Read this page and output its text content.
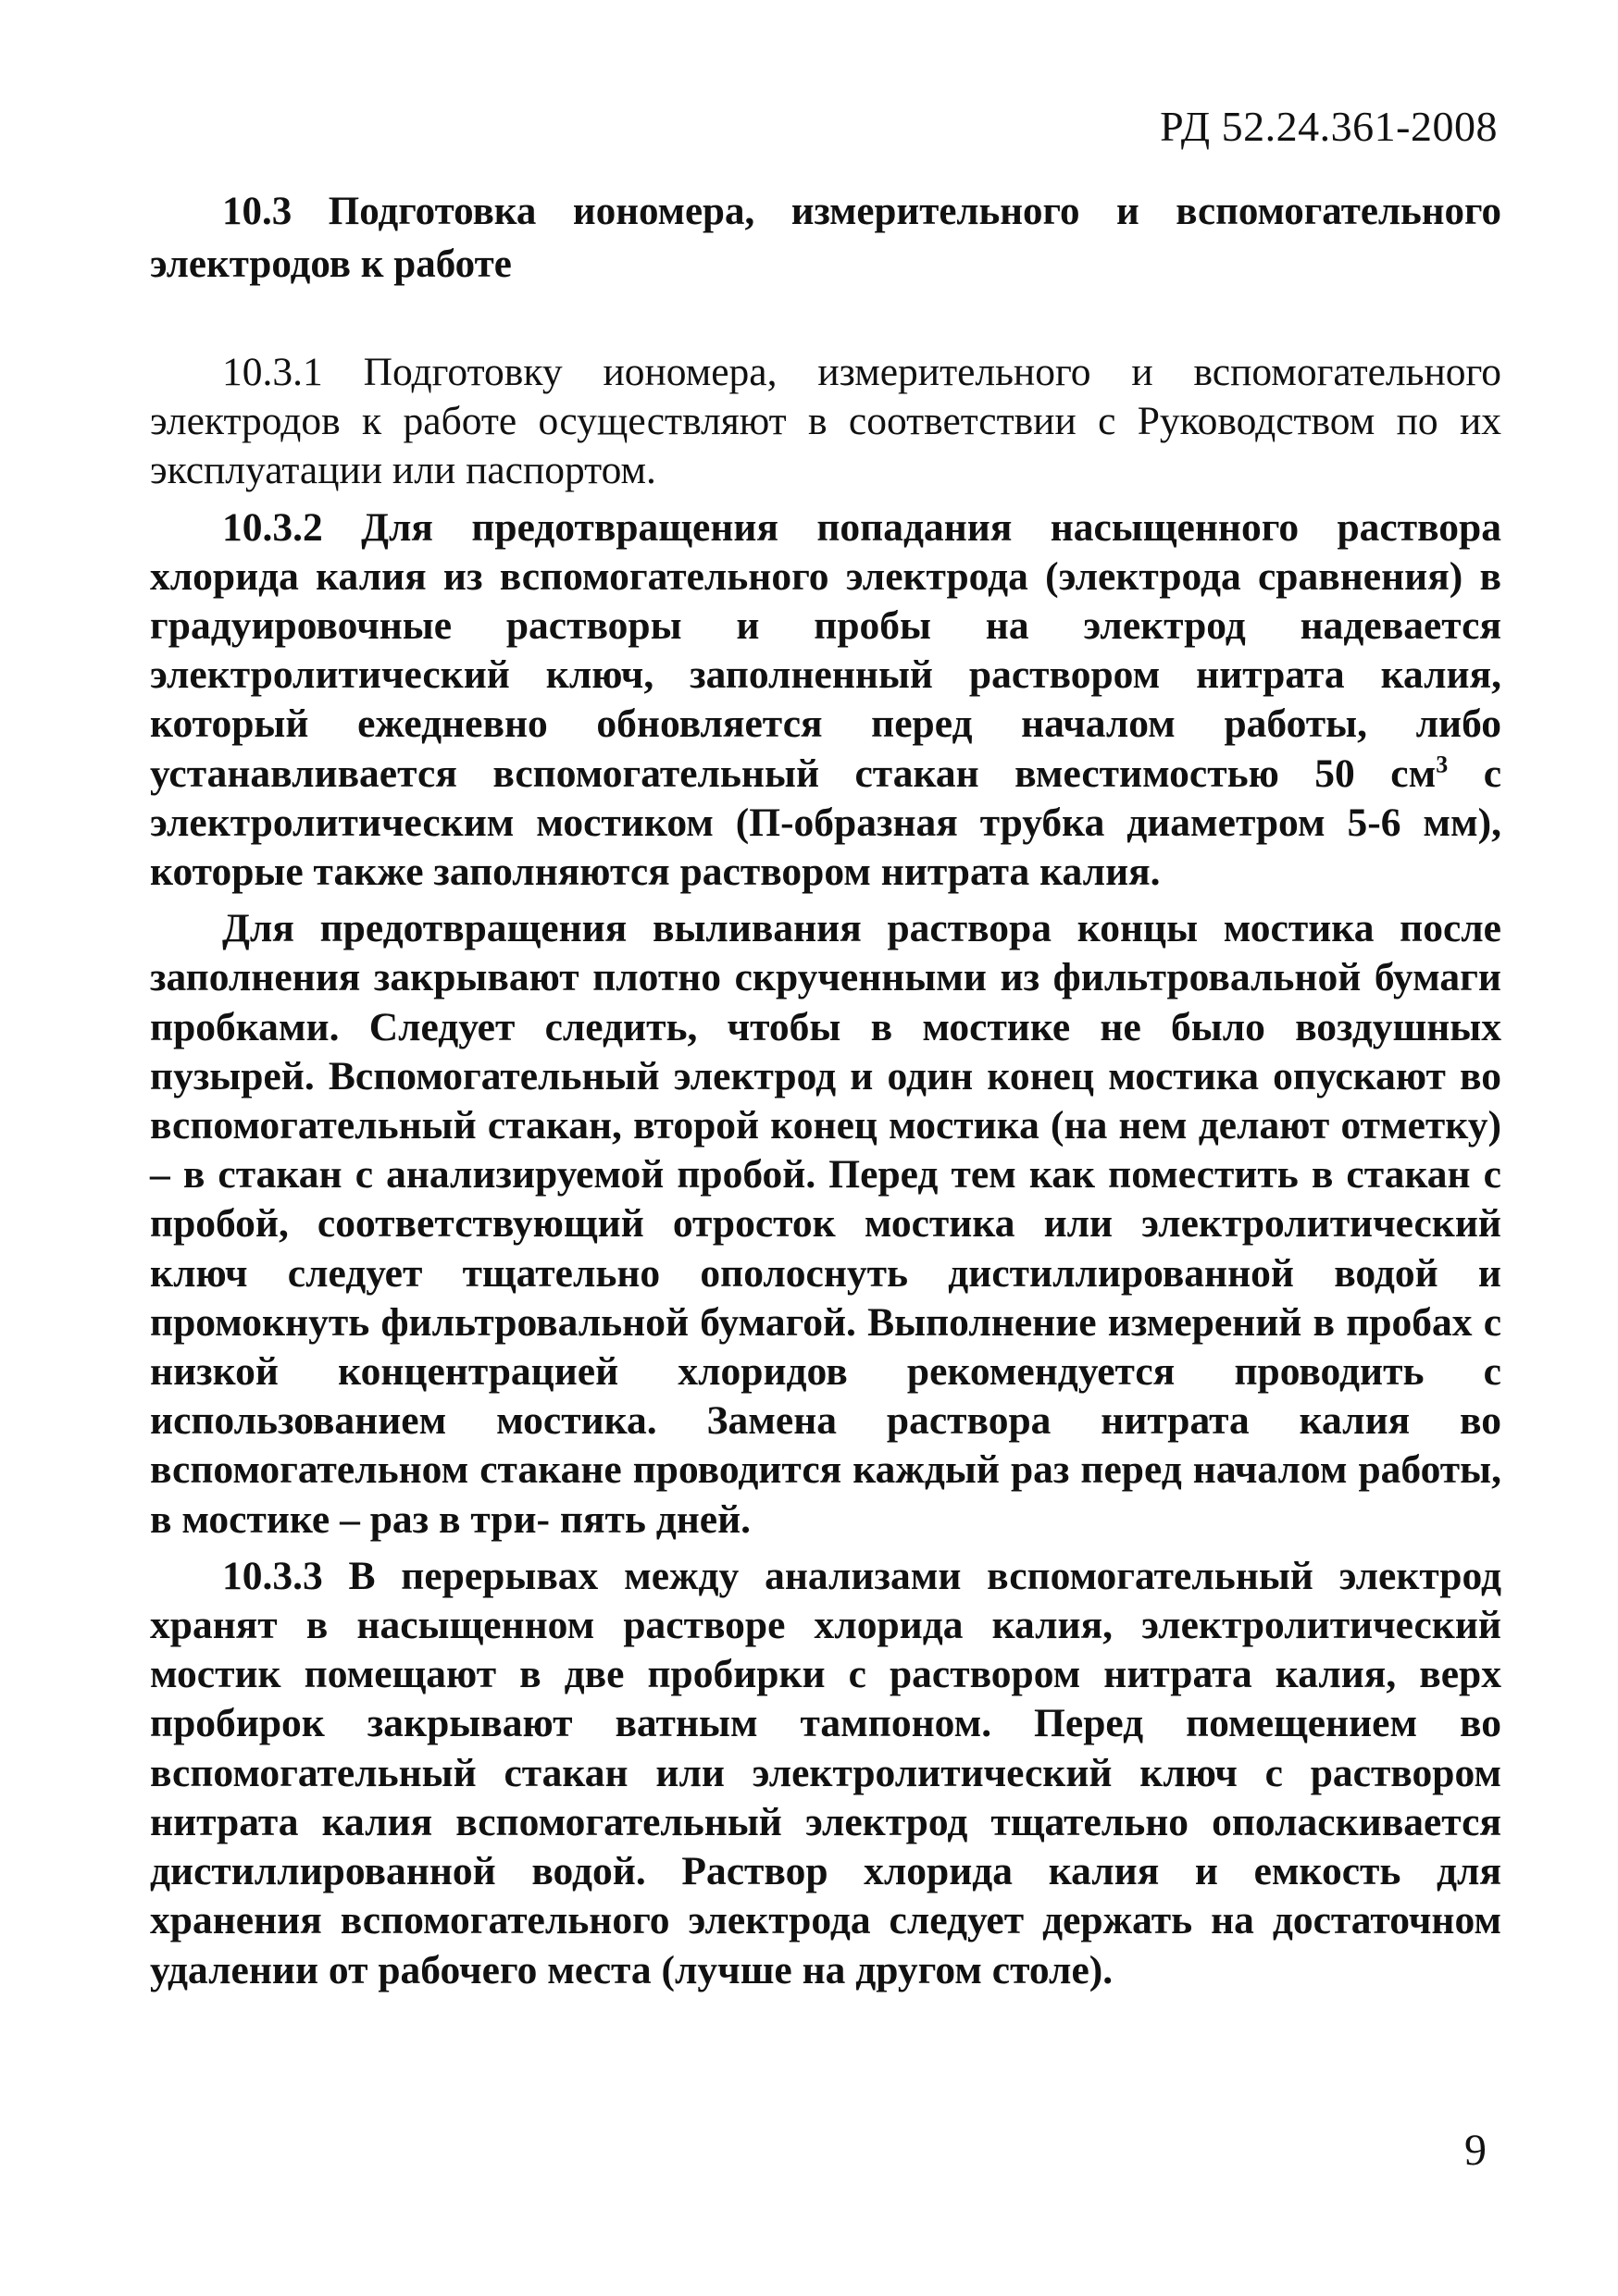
РД 52.24.361-2008

10.3 Подготовка иономера, измерительного и вспомогательного электродов к работе

10.3.1 Подготовку иономера, измерительного и вспомогательного электродов к работе осуществляют в соответствии с Руководством по их эксплуатации или паспортом.

10.3.2 Для предотвращения попадания насыщенного раствора хлорида калия из вспомогательного электрода (электрода сравнения) в градуировочные растворы и пробы на электрод надевается электролитический ключ, заполненный раствором нитрата калия, который ежедневно обновляется перед началом работы, либо устанавливается вспомогательный стакан вместимостью 50 $см^3$ с электролитическим мостиком (П-образная трубка диаметром 5-6 мм), которые также заполняются раствором нитрата калия.

Для предотвращения выливания раствора концы мостика после заполнения закрывают плотно скрученными из фильтровальной бумаги пробками. Следует следить, чтобы в мостике не было воздушных пузырей. Вспомогательный электрод и один конец мостика опускают во вспомогательный стакан, второй конец мостика (на нем делают отметку) – в стакан с анализируемой пробой. Перед тем как поместить в стакан с пробой, соответствующий отросток мостика или электролитический ключ следует тщательно ополоснуть дистиллированной водой и промокнуть фильтровальной бумагой. Выполнение измерений в пробах с низкой концентрацией хлоридов рекомендуется проводить с использованием мостика. Замена раствора нитрата калия во вспомогательном стакане проводится каждый раз перед началом работы, в мостике – раз в три- пять дней.

10.3.3 В перерывах между анализами вспомогательный электрод хранят в насыщенном растворе хлорида калия, электролитический мостик помещают в две пробирки с раствором нитрата калия, верх пробирок закрывают ватным тампоном. Перед помещением во вспомогательный стакан или электролитический ключ с раствором нитрата калия вспомогательный электрод тщательно ополаскивается дистиллированной водой. Раствор хлорида калия и емкость для хранения вспомогательного электрода следует держать на достаточном удалении от рабочего места (лучше на другом столе).

9
